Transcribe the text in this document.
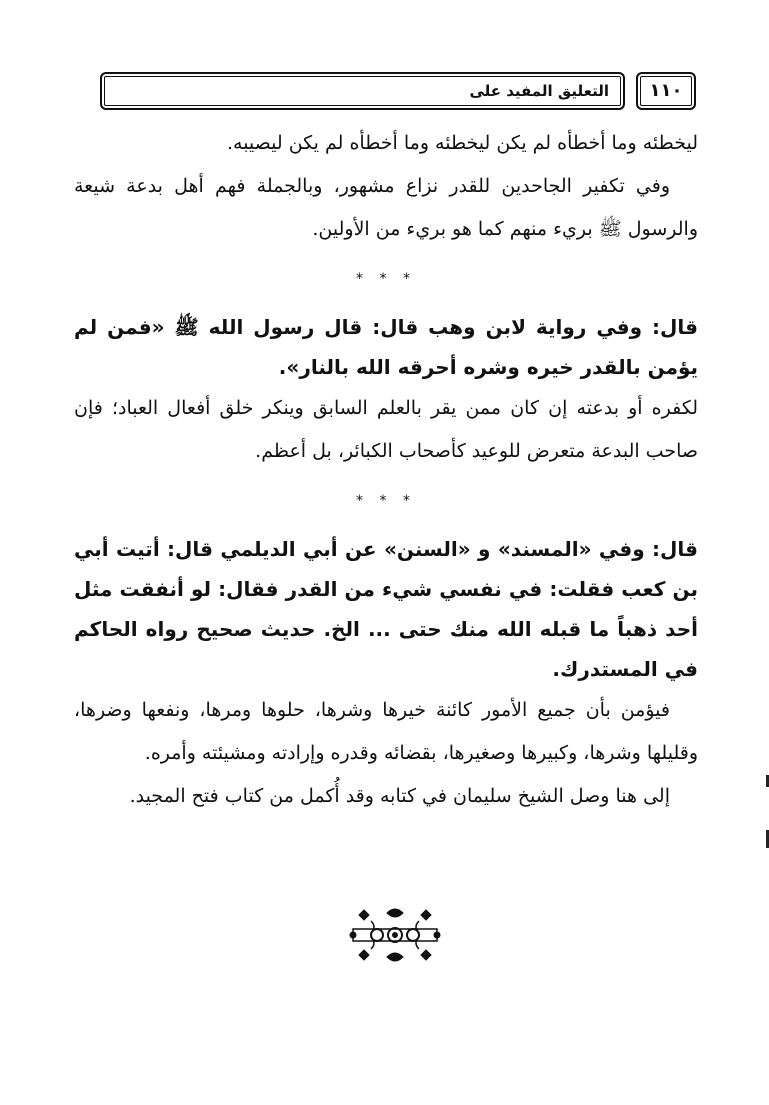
التعليق المفيد على	١١٠

ليخطئه وما أخطأه لم يكن ليخطئه وما أخطأه لم يكن ليصيبه.

وفي تكفير الجاحدين للقدر نزاع مشهور، وبالجملة فهم أهل بدعة شيعة والرسول ﷺ بريء منهم كما هو بريء من الأولين.

* * *

قال: وفي رواية لابن وهب قال: قال رسول الله ﷺ «فمن لم يؤمن بالقدر خيره وشره أحرقه الله بالنار».

لكفره أو بدعته إن كان ممن يقر بالعلم السابق وينكر خلق أفعال العباد؛ فإن صاحب البدعة متعرض للوعيد كأصحاب الكبائر، بل أعظم.

* * *

قال: وفي «المسند» و «السنن» عن أبي الديلمي قال: أتيت أبي بن كعب فقلت: في نفسي شيء من القدر فقال: لو أنفقت مثل أحد ذهباً ما قبله الله منك حتى ... الخ. حديث صحيح رواه الحاكم في المستدرك.

فيؤمن بأن جميع الأمور كائنة خيرها وشرها، حلوها ومرها، ونفعها وضرها، وقليلها وشرها، وكبيرها وصغيرها، بقضائه وقدره وإرادته ومشيئته وأمره.

إلى هنا وصل الشيخ سليمان في كتابه وقد أُكمل من كتاب فتح المجيد.
